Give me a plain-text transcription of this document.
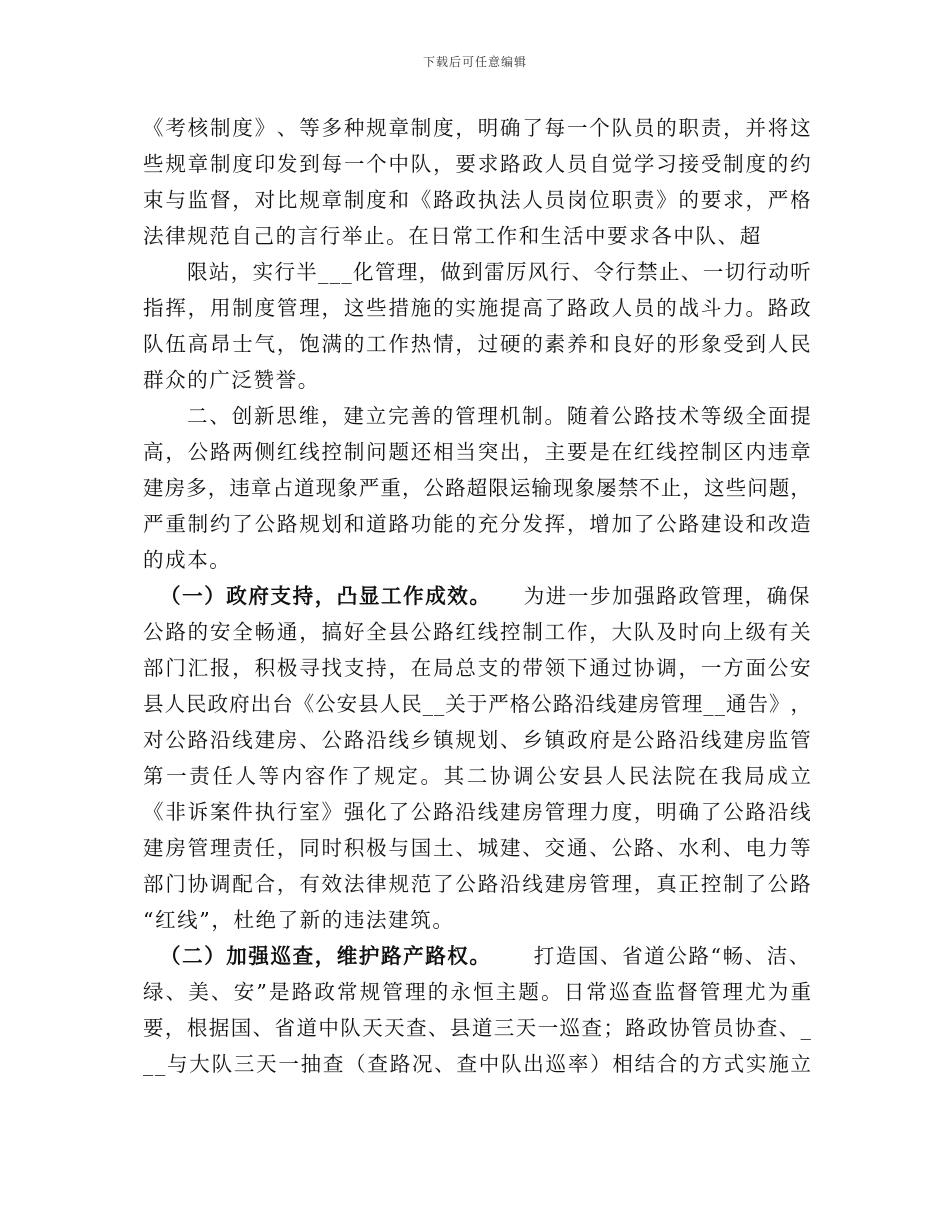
下载后可任意编辑
《 考 核 制 度 》 、 等 多 种 规 章 制 度 ， 明 确 了 每 一 个 队 员 的 职 责 ， 并 将 这
些 规 章 制 度 印 发 到 每 一 个 中 队 ， 要 求 路 政 人 员 自 觉 学 习 接 受 制 度 的 约
束 与 监 督 ， 对 比 规 章 制 度 和 《 路 政 执 法 人 员 岗 位 职 责 》 的 要 求 ， 严 格
法律规范自己的言行举止。在日常工作和生活中要求各中队、超
限 站 ， 实 行 半 _ _ _ 化 管 理 ， 做 到 雷 厉 风 行 、 令 行 禁 止 、 一 切 行 动 听
指 挥 ， 用 制 度 管 理 ， 这 些 措 施 的 实 施 提 高 了 路 政 人 员 的 战 斗 力 。 路 政
队 伍 高 昂 士 气 ， 饱 满 的 工 作 热 情 ， 过 硬 的 素 养 和 良 好 的 形 象 受 到 人 民
群众的广泛赞誉。
二 、 创 新 思 维 ， 建 立 完 善 的 管 理 机 制 。 随 着 公 路 技 术 等 级 全 面 提
高 ， 公 路 两 侧 红 线 控 制 问 题 还 相 当 突 出 ， 主 要 是 在 红 线 控 制 区 内 违 章
建 房 多 ， 违 章 占 道 现 象 严 重 ， 公 路 超 限 运 输 现 象 屡 禁 不 止 ， 这 些 问 题 ，
严 重 制 约 了 公 路 规 划 和 道 路 功 能 的 充 分 发 挥 ， 增 加 了 公 路 建 设 和 改 造
的成本。
（一）政府支持，凸显工作成效。 为进一步加强路政管理，确保
公 路 的 安 全 畅 通 ， 搞 好 全 县 公 路 红 线 控 制 工 作 ， 大 队 及 时 向 上 级 有 关
部 门 汇 报 ， 积 极 寻 找 支 持 ， 在 局 总 支 的 带 领 下 通 过 协 调 ， 一 方 面 公 安
县 人 民 政 府 出 台 《 公 安 县 人 民 _ _ 关 于 严 格 公 路 沿 线 建 房 管 理 _ _ 通 告 》 ，
对 公 路 沿 线 建 房 、 公 路 沿 线 乡 镇 规 划 、 乡 镇 政 府 是 公 路 沿 线 建 房 监 管
第 一 责 任 人 等 内 容 作 了 规 定 。 其 二 协 调 公 安 县 人 民 法 院 在 我 局 成 立
《 非 诉 案 件 执 行 室 》 强 化 了 公 路 沿 线 建 房 管 理 力 度 ， 明 确 了 公 路 沿 线
建 房 管 理 责 任 ， 同 时 积 极 与 国 土 、 城 建 、 交 通 、 公 路 、 水 利 、 电 力 等
部 门 协 调 配 合 ， 有 效 法 律 规 范 了 公 路 沿 线 建 房 管 理 ， 真 正 控 制 了 公 路
“红线”，杜绝了新的违法建筑。
（二）加强巡查，维护路产路权。 打造国、省道公路“畅、洁、
绿 、 美 、 安 ” 是 路 政 常 规 管 理 的 永 恒 主 题 。 日 常 巡 查 监 督 管 理 尤 为 重
要 ， 根 据 国 、 省 道 中 队 天 天 查 、 县 道 三 天 一 巡 查 ； 路 政 协 管 员 协 查 、 _
_ _ 与 大 队 三 天 一 抽 查 （ 查 路 况 、 查 中 队 出 巡 率 ） 相 结 合 的 方 式 实 施 立
